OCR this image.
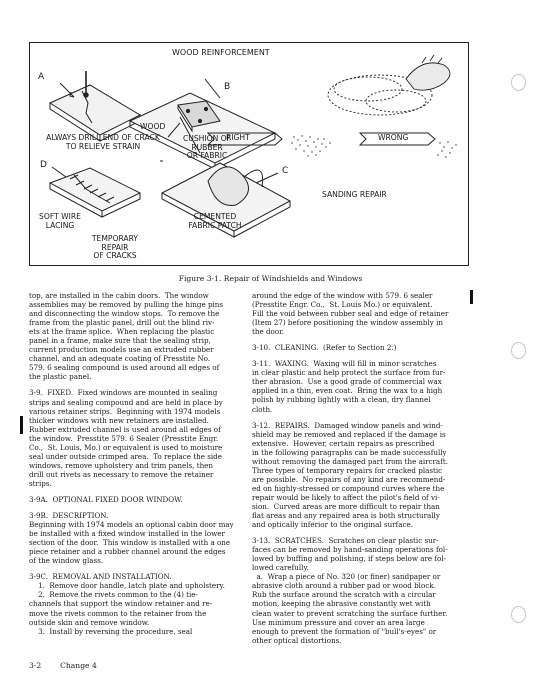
WOOD REINFORCEMENT
A
B
D
C
WOOD
CUSHION OF
RUBBER
OR FABRIC
ALWAYS DRILL END OF CRACK
TO RELIEVE STRAIN
SOFT WIRE
LACING
CEMENTED
FABRIC PATCH
TEMPORARY
REPAIR
OF CRACKS
RIGHT	WRONG
SANDING REPAIR
Figure 3-1. Repair of Windshields and Windows

top, are installed in the cabin doors.  The window

assemblies may be removed by pulling the hinge pins

and disconnecting the window stops.  To remove the

frame from the plastic panel, drill out the blind riv-

ets at the frame splice.  When replacing the plastic

panel in a frame, make sure that the sealing strip,

current production models use an extruded rubber

channel, and an adequate coating of Presstite No.

579. 6 sealing compound is used around all edges of

the plastic panel.

3-9.  FIXED.  Fixed windows are mounted in sealing

strips and sealing compound and are held in place by

various retainer strips.  Beginning with 1974 models

thicker windows with new retainers are installed.

Rubber extruded channel is used around all edges of

the window.  Presstite 579. 6 Sealer (Presstite Engr.

Co.,  St. Louis, Mo.) or equivalent is used to moisture

seal under outside crimped area.  To replace the side

windows, remove upholstery and trim panels, then

drill out rivets as necessary to remove the retainer

strips.

3-9A.  OPTIONAL FIXED DOOR WINDOW.

3-9B.  DESCRIPTION.

Beginning with 1974 models an optional cabin door may

be installed with a fixed window installed in the lower

section of the door.  This window is installed with a one

piece retainer and a rubber channel around the edges

of the window glass.

3-9C.  REMOVAL AND INSTALLATION.

1.  Remove door handle, latch plate and upholstery.

2.  Remove the rivets common to the (4) tie-

channels that support the window retainer and re-

move the rivets common to the retainer from the

outside skin and remove window.

3.  Install by reversing the procedure, seal

around the edge of the window with 579. 6 sealer

(Presstite Engr. Co.,  St. Louis Mo.) or equivalent.

Fill the void between rubber seal and edge of retainer

(Item 27) before positioning the window assembly in

the door.

3-10.  CLEANING.  (Refer to Section 2.)

3-11.  WAXING.  Waxing will fill in minor scratches

in clear plastic and help protect the surface from fur-

ther abrasion.  Use a good grade of commercial wax

applied in a thin, even coat.  Bring the wax to a high

polish by rubbing lightly with a clean, dry flannel

cloth.

3-12.  REPAIRS.  Damaged window panels and wind-

shield may be removed and replaced if the damage is

extensive.  However, certain repairs as prescribed

in the following paragraphs can be made successfully

without removing the damaged part from the aircraft.

Three types of temporary repairs for cracked plastic

are possible.  No repairs of any kind are recommend-

ed on highly-stressed or compound curves where the

repair would be likely to affect the pilot's field of vi-

sion.  Curved areas are more difficult to repair than

flat areas and any repaired area is both structurally

and optically inferior to the original surface.

3-13.  SCRATCHES.  Scratches on clear plastic sur-

faces can be removed by hand-sanding operations fol-

lowed by buffing and polishing, if steps below are fol-

lowed carefully.

a.  Wrap a piece of No. 320 (or finer) sandpaper or

abrasive cloth around a rubber pad or wood block.

Rub the surface around the scratch with a circular

motion, keeping the abrasive constantly wet with

clean water to prevent scratching the surface further.

Use minimum pressure and cover an area large

enough to prevent the formation of "bull's-eyes" or

other optical distortions.

3-2 Change 4
